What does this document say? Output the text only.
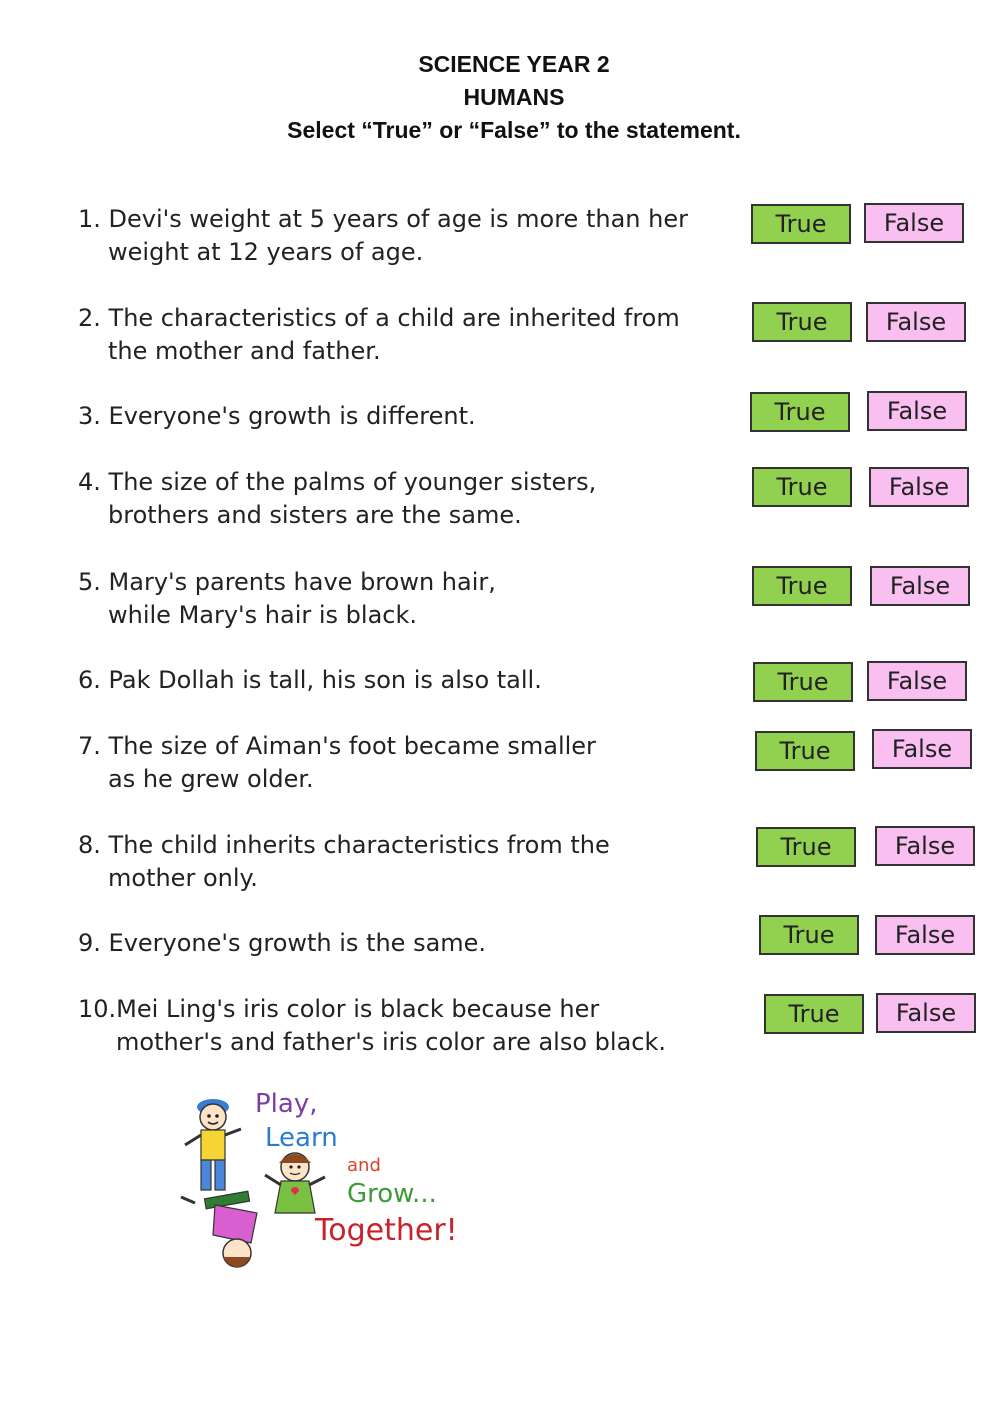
SCIENCE YEAR 2
HUMANS
Select “True” or “False” to the statement.
1. Devi's weight at 5 years of age is more than her
weight at 12 years of age.
True	False
2. The characteristics of a child are inherited from
the mother and father.
True	False
3. Everyone's growth is different.	True	False
4. The size of the palms of younger sisters,
brothers and sisters are the same.
True	False
5. Mary's parents have brown hair,
while Mary's hair is black.
True	False
6. Pak Dollah is tall, his son is also tall.	True	False
7. The size of Aiman's foot became smaller
as he grew older.
True	False
8. The child inherits characteristics from the
mother only.
True	False
9. Everyone's growth is the same.	True	False
10.Mei Ling's iris color is black because her
mother's and father's iris color are also black.
True	False
Play,
Learn
and
Grow...
Together!
